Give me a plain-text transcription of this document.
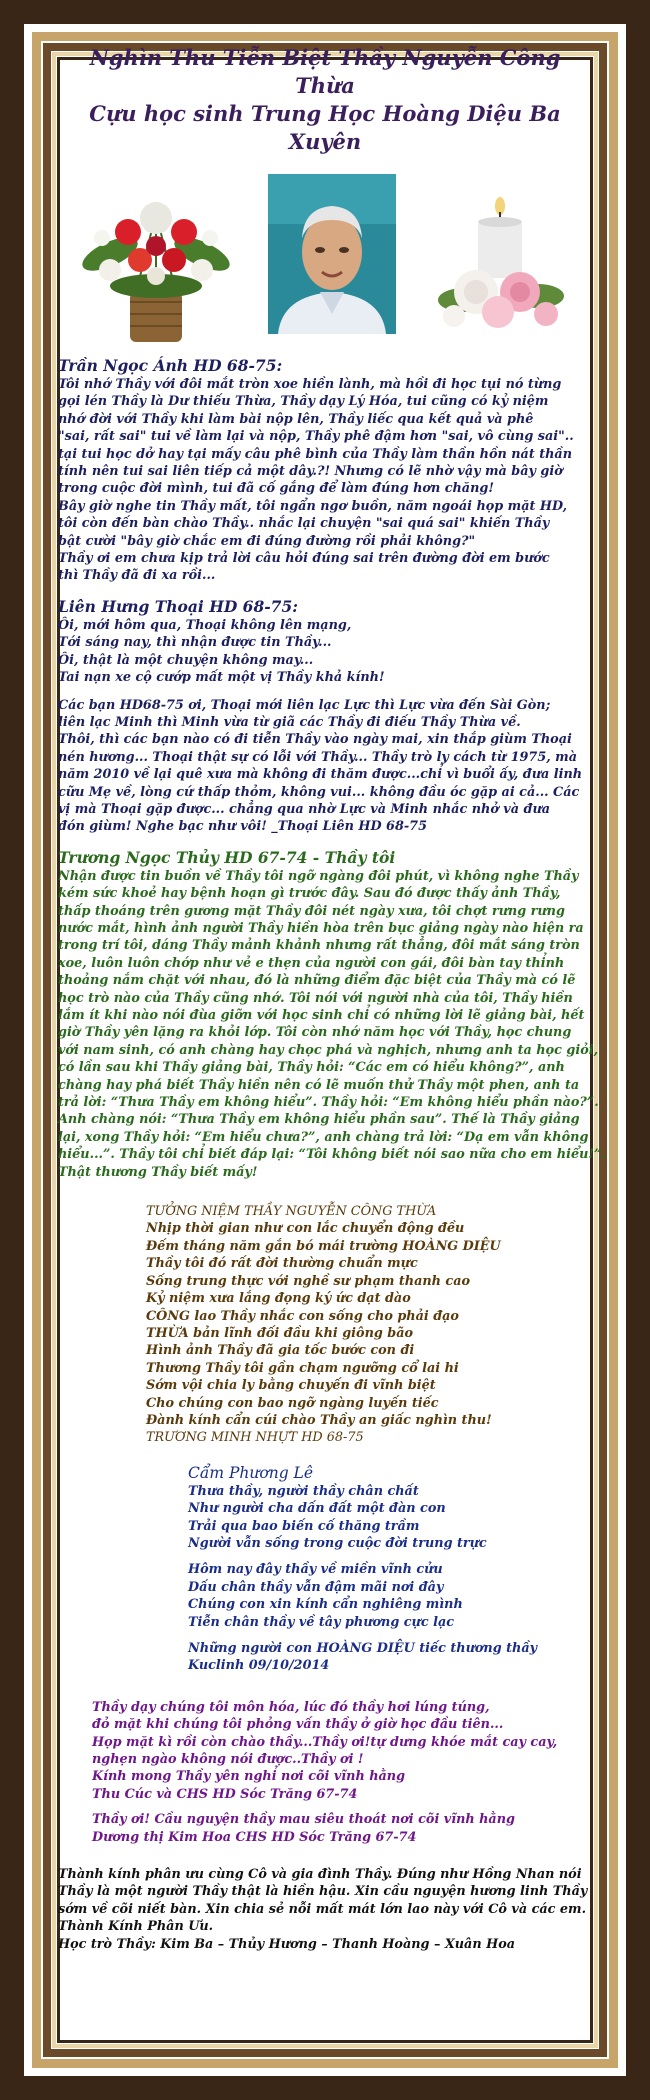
Nghìn Thu Tiễn Biệt Thầy Nguyễn Công Thừa

Cựu học sinh Trung Học Hoàng Diệu Ba Xuyên

Trần Ngọc Ánh HD 68-75:

Tôi nhớ Thầy với đôi mắt tròn xoe hiền lành, mà hồi đi học tụi nó từng

gọi lén Thầy là Dư thiếu Thừa, Thầy dạy Lý Hóa, tui cũng có kỷ niệm

nhớ đời với Thầy khi làm bài nộp lên, Thầy liếc qua kết quả và phê

"sai, rất sai" tui về làm lại và nộp, Thầy phê đậm hơn "sai, vô cùng sai"..

tại tui học dở hay tại mấy câu phê bình của Thầy làm thần hồn nát thần

tính nên tui sai liên tiếp cả một dây.?! Nhưng có lẽ nhờ vậy mà bây giờ

trong cuộc đời mình, tui đã cố gắng để làm đúng hơn chăng!

Bây giờ nghe tin Thầy mất, tôi ngẩn ngơ buồn, năm ngoái họp mặt HD,

tôi còn đến bàn chào Thầy.. nhắc lại chuyện "sai quá sai" khiến Thầy

bật cười "bây giờ chắc em đi đúng đường rồi phải không?"

Thầy ơi em chưa kịp trả lời câu hỏi đúng sai trên đường đời em bước

thì Thầy đã đi xa rồi...

Liên Hưng Thoại HD 68-75:

Ôi, mới hôm qua, Thoại không lên mạng,

Tới sáng nay, thì nhận được tin Thầy...

Ôi, thật là một chuyện không may...

Tai nạn xe cộ cướp mất một vị Thầy khả kính!

Các bạn HD68-75 ơi, Thoại mới liên lạc Lực thì Lực vừa đến Sài Gòn;

liên lạc Minh thì Minh vừa từ giã các Thầy đi điếu Thầy Thừa về.

Thôi, thì các bạn nào có đi tiễn Thầy vào ngày mai, xin thắp giùm Thoại

nén hương... Thoại thật sự có lỗi với Thầy... Thầy trò ly cách từ 1975, mà

năm 2010 về lại quê xưa mà không đi thăm được...chỉ vì buổi ấy, đưa linh

cữu Mẹ về, lòng cứ thấp thỏm, không vui... không đầu óc gặp ai cả... Các

vị mà Thoại gặp được... chẳng qua nhờ Lực và Minh nhắc nhở và đưa

đón giùm! Nghe bạc như vôi! _Thoại Liên HD 68-75

Trương Ngọc Thủy HD 67-74 - Thầy tôi

Nhận được tin buồn về Thầy tôi ngỡ ngàng đôi phút, vì không nghe Thầy

kém sức khoẻ hay bệnh hoạn gì trước đây. Sau đó được thấy ảnh Thầy,

thấp thoáng trên gương mặt Thầy đôi nét ngày xưa, tôi chợt rưng rưng

nước mắt, hình ảnh người Thầy hiền hòa trên bục giảng ngày nào hiện ra

trong trí tôi, dáng Thầy mảnh khảnh nhưng rất thẳng, đôi mắt sáng tròn

xoe, luôn luôn chớp như vẻ e thẹn của người con gái, đôi bàn tay thỉnh

thoảng nắm chặt với nhau, đó là những điểm đặc biệt của Thầy mà có lẽ

học trò nào của Thầy cũng nhớ. Tôi nói với người nhà của tôi, Thầy hiền

lắm ít khi nào nói đùa giỡn với học sinh chỉ có những lời lẽ giảng bài, hết

giờ Thầy yên lặng ra khỏi lớp. Tôi còn nhớ năm học với Thầy, học chung

với nam sinh, có anh chàng hay chọc phá và nghịch, nhưng anh ta học giỏi,

có lần sau khi Thầy giảng bài, Thầy hỏi: “Các em có hiểu không?”, anh

chàng hay phá biết Thầy hiền nên có lẽ muốn thử Thầy một phen, anh ta

trả lời: “Thưa Thầy em không hiểu”. Thầy hỏi: “Em không hiểu phần nào?”.

Anh chàng nói: “Thưa Thầy em không hiểu phần sau”. Thế là Thầy giảng

lại, xong Thầy hỏi: “Em hiểu chưa?”, anh chàng trả lời: “Dạ em vẫn không

hiểu...”. Thầy tôi chỉ biết đáp lại: “Tôi không biết nói sao nữa cho em hiểu!”.

Thật thương Thầy biết mấy!

TƯỞNG NIỆM THẦY NGUYỄN CÔNG THỪA

Nhịp thời gian như con lắc chuyển động đều

Đếm tháng năm gắn bó mái trường HOÀNG DIỆU

Thầy tôi đó rất đời thường chuẩn mực

Sống trung thực với nghề sư phạm thanh cao

Kỷ niệm xưa lắng đọng ký ức dạt dào

CÔNG lao Thầy nhắc con sống cho phải đạo

THỪA bản lĩnh đối đầu khi giông bão

Hình ảnh Thầy đã gia tốc bước con đi

Thương Thầy tôi gần chạm ngưỡng cổ lai hi

Sớm vội chia ly bằng chuyến đi vĩnh biệt

Cho chúng con bao ngỡ ngàng luyến tiếc

Đành kính cẩn cúi chào Thầy an giấc nghìn thu!

TRƯƠNG MINH NHỰT HD 68-75

Cẩm Phương Lê

Thưa thầy, người thầy chân chất

Như người cha dấn đất một đàn con

Trải qua bao biến cố thăng trầm

Người vẫn sống trong cuộc đời trung trực

Hôm nay đây thầy về miền vĩnh cửu

Dấu chân thầy vẫn đậm mãi nơi đây

Chúng con xin kính cẩn nghiêng mình

Tiễn chân thầy về tây phương cực lạc

Những người con HOÀNG DIỆU tiếc thương thầy

Kuclinh 09/10/2014

Thầy dạy chúng tôi môn hóa, lúc đó thầy hơi lúng túng,

đỏ mặt khi chúng tôi phỏng vấn thầy ở giờ học đầu tiên...

Họp mặt kì rồi còn chào thầy...Thầy ơi!tự dưng khóe mắt cay cay,

nghẹn ngào không nói được..Thầy ơi !

Kính mong Thầy yên nghỉ nơi cõi vĩnh hằng

Thu Cúc và CHS HD Sóc Trăng 67-74

Thầy ơi! Cầu nguyện thầy mau siêu thoát nơi cõi vĩnh hằng

Dương thị Kim Hoa CHS HD Sóc Trăng 67-74

Thành kính phân ưu cùng Cô và gia đình Thầy. Đúng như Hồng Nhan nói

Thầy là một người Thầy thật là hiền hậu. Xin cầu nguyện hương linh Thầy

sớm về cõi niết bàn. Xin chia sẻ nỗi mất mát lớn lao này với Cô và các em.

Thành Kính Phân Ưu.

Học trò Thầy: Kim Ba – Thủy Hương – Thanh Hoàng – Xuân Hoa
